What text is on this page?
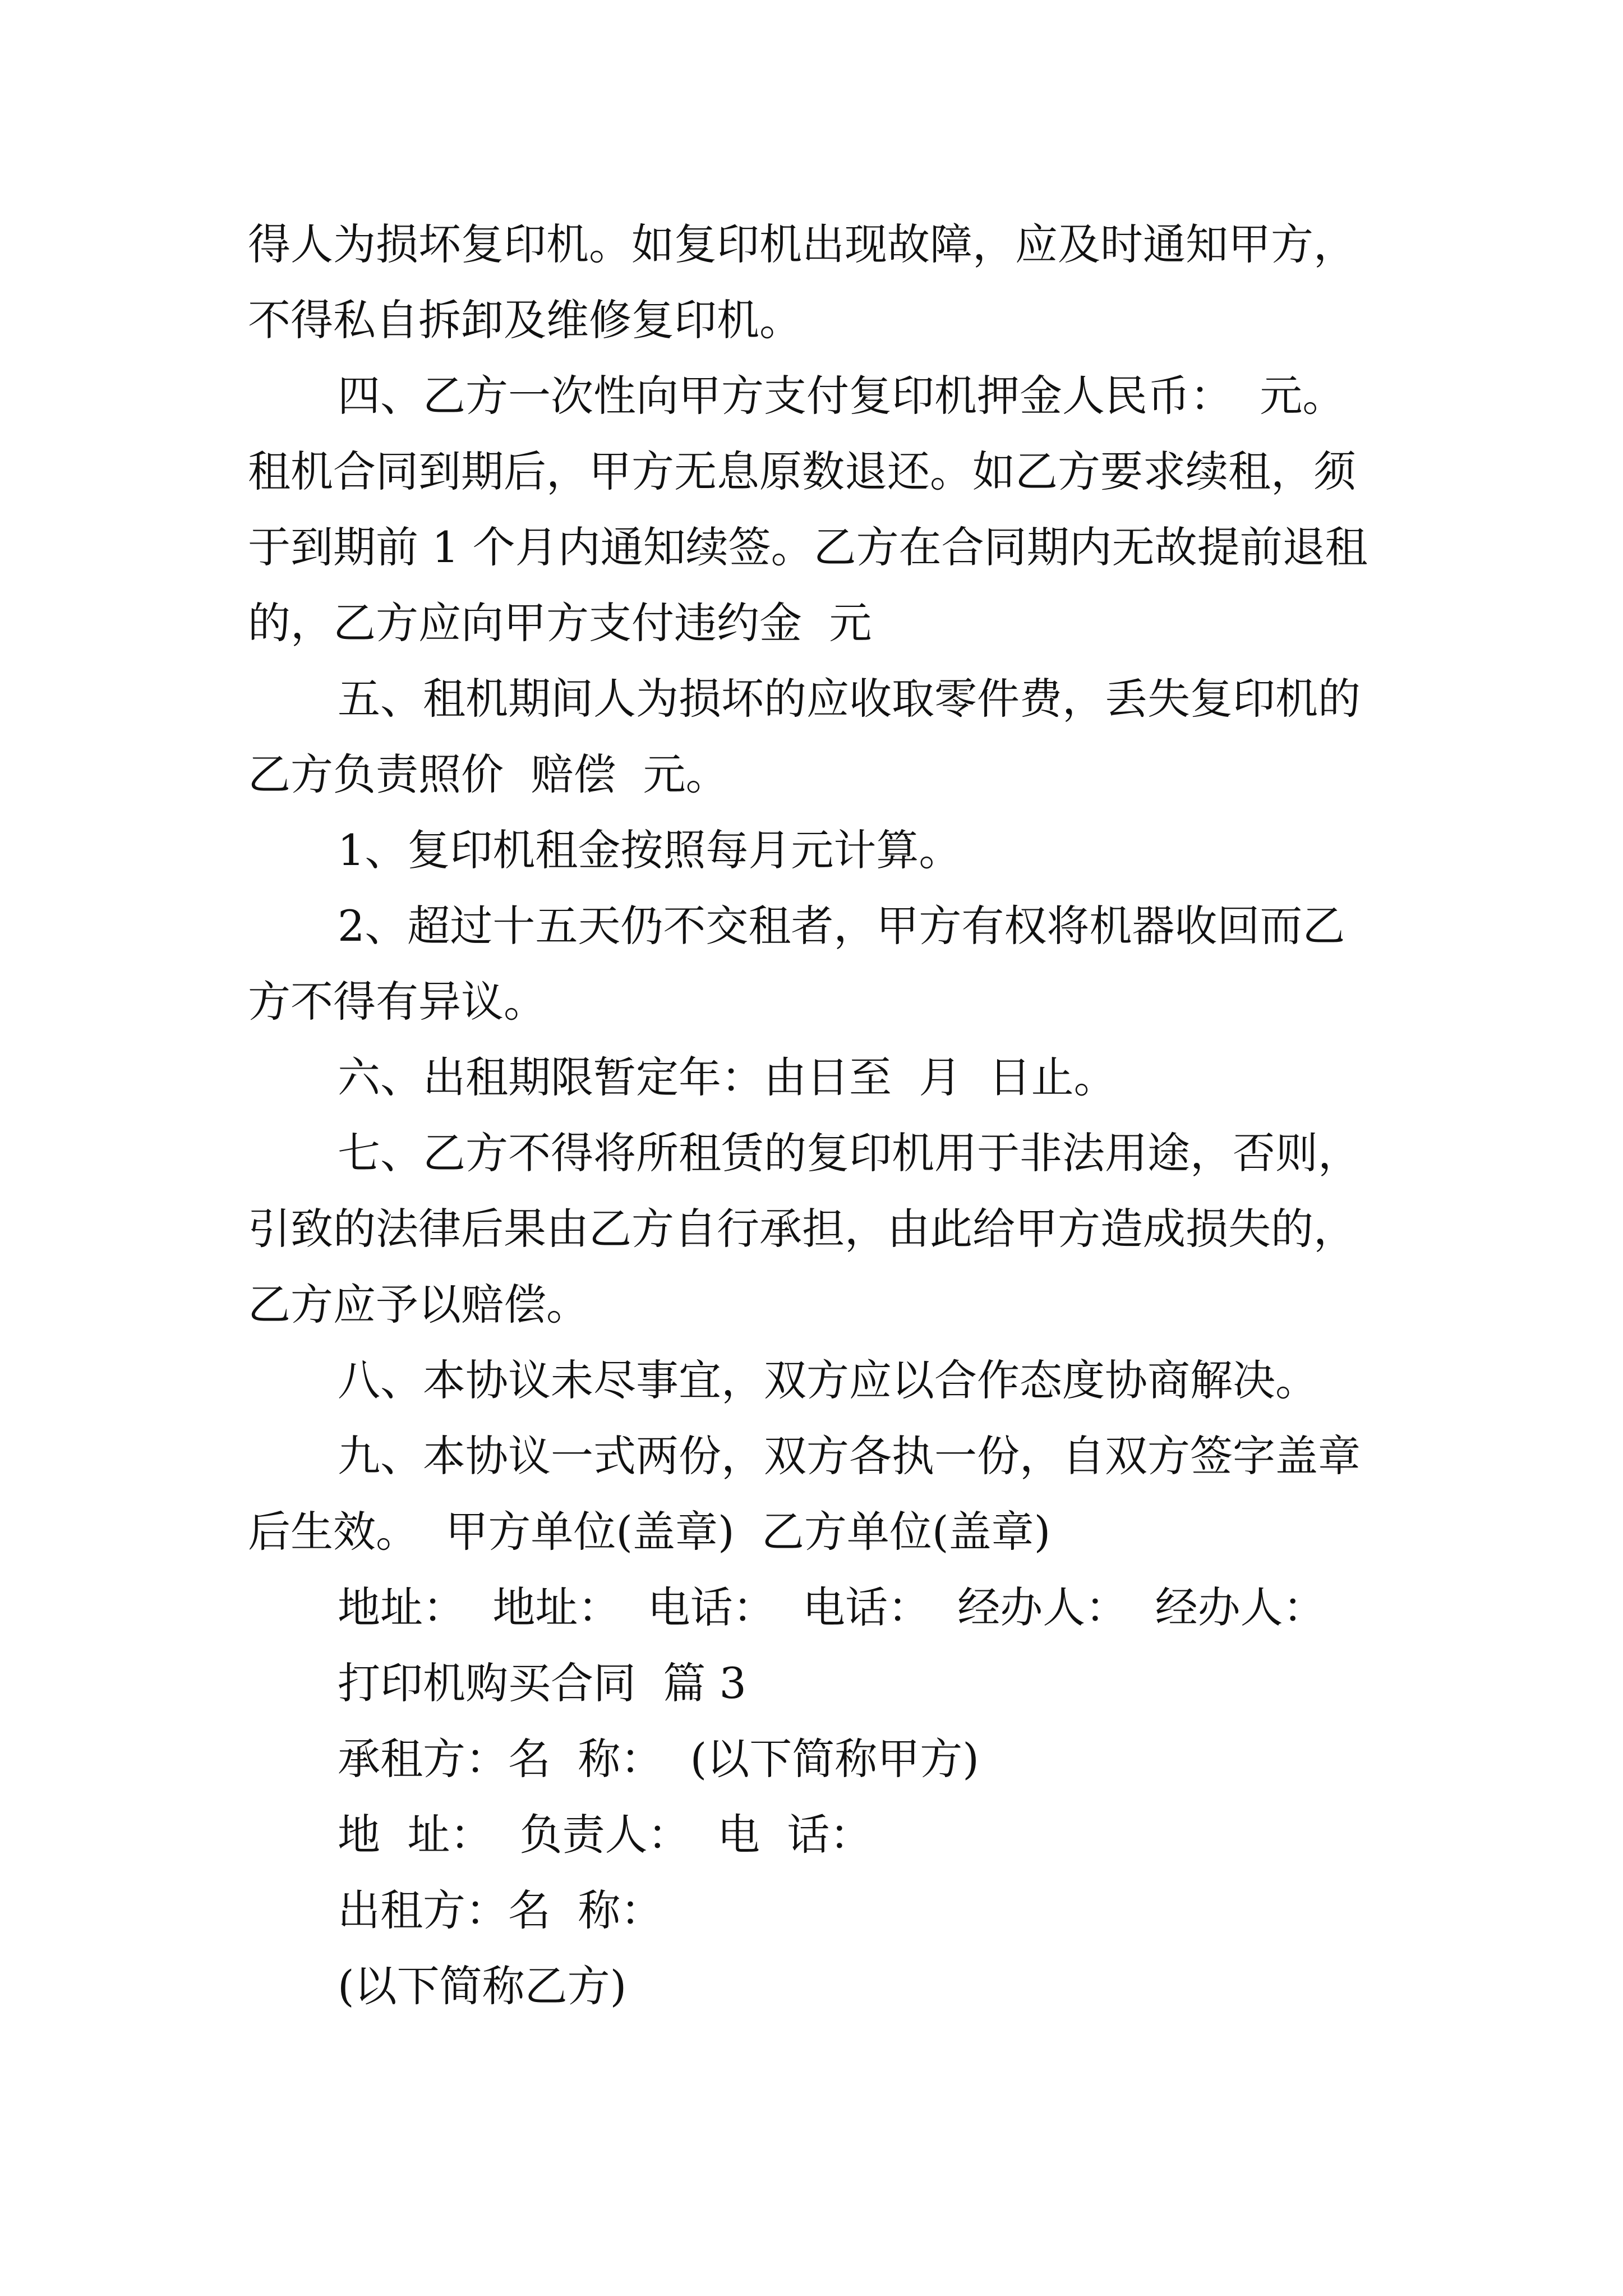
得人为损坏复印机。如复印机出现故障，应及时通知甲方，

不得私自拆卸及维修复印机。

四、乙方一次性向甲方支付复印机押金人民币：  元。

租机合同到期后，甲方无息原数退还。如乙方要求续租，须

于到期前 1 个月内通知续签。乙方在合同期内无故提前退租

的，乙方应向甲方支付违约金  元

五、租机期间人为损坏的应收取零件费，丢失复印机的

乙方负责照价  赔偿  元。

1、复印机租金按照每月元计算。

2、超过十五天仍不交租者，甲方有权将机器收回而乙

方不得有异议。

六、出租期限暂定年：由日至  月  日止。

七、乙方不得将所租赁的复印机用于非法用途，否则，

引致的法律后果由乙方自行承担，由此给甲方造成损失的，

乙方应予以赔偿。

八、本协议未尽事宜，双方应以合作态度协商解决。

九、本协议一式两份，双方各执一份，自双方签字盖章

后生效。  甲方单位(盖章)  乙方单位(盖章)

地址：  地址：  电话：  电话：  经办人：  经办人：

打印机购买合同  篇 3

承租方：名  称：  (以下简称甲方)

地  址：  负责人：  电  话：

出租方：名  称：

(以下简称乙方)
